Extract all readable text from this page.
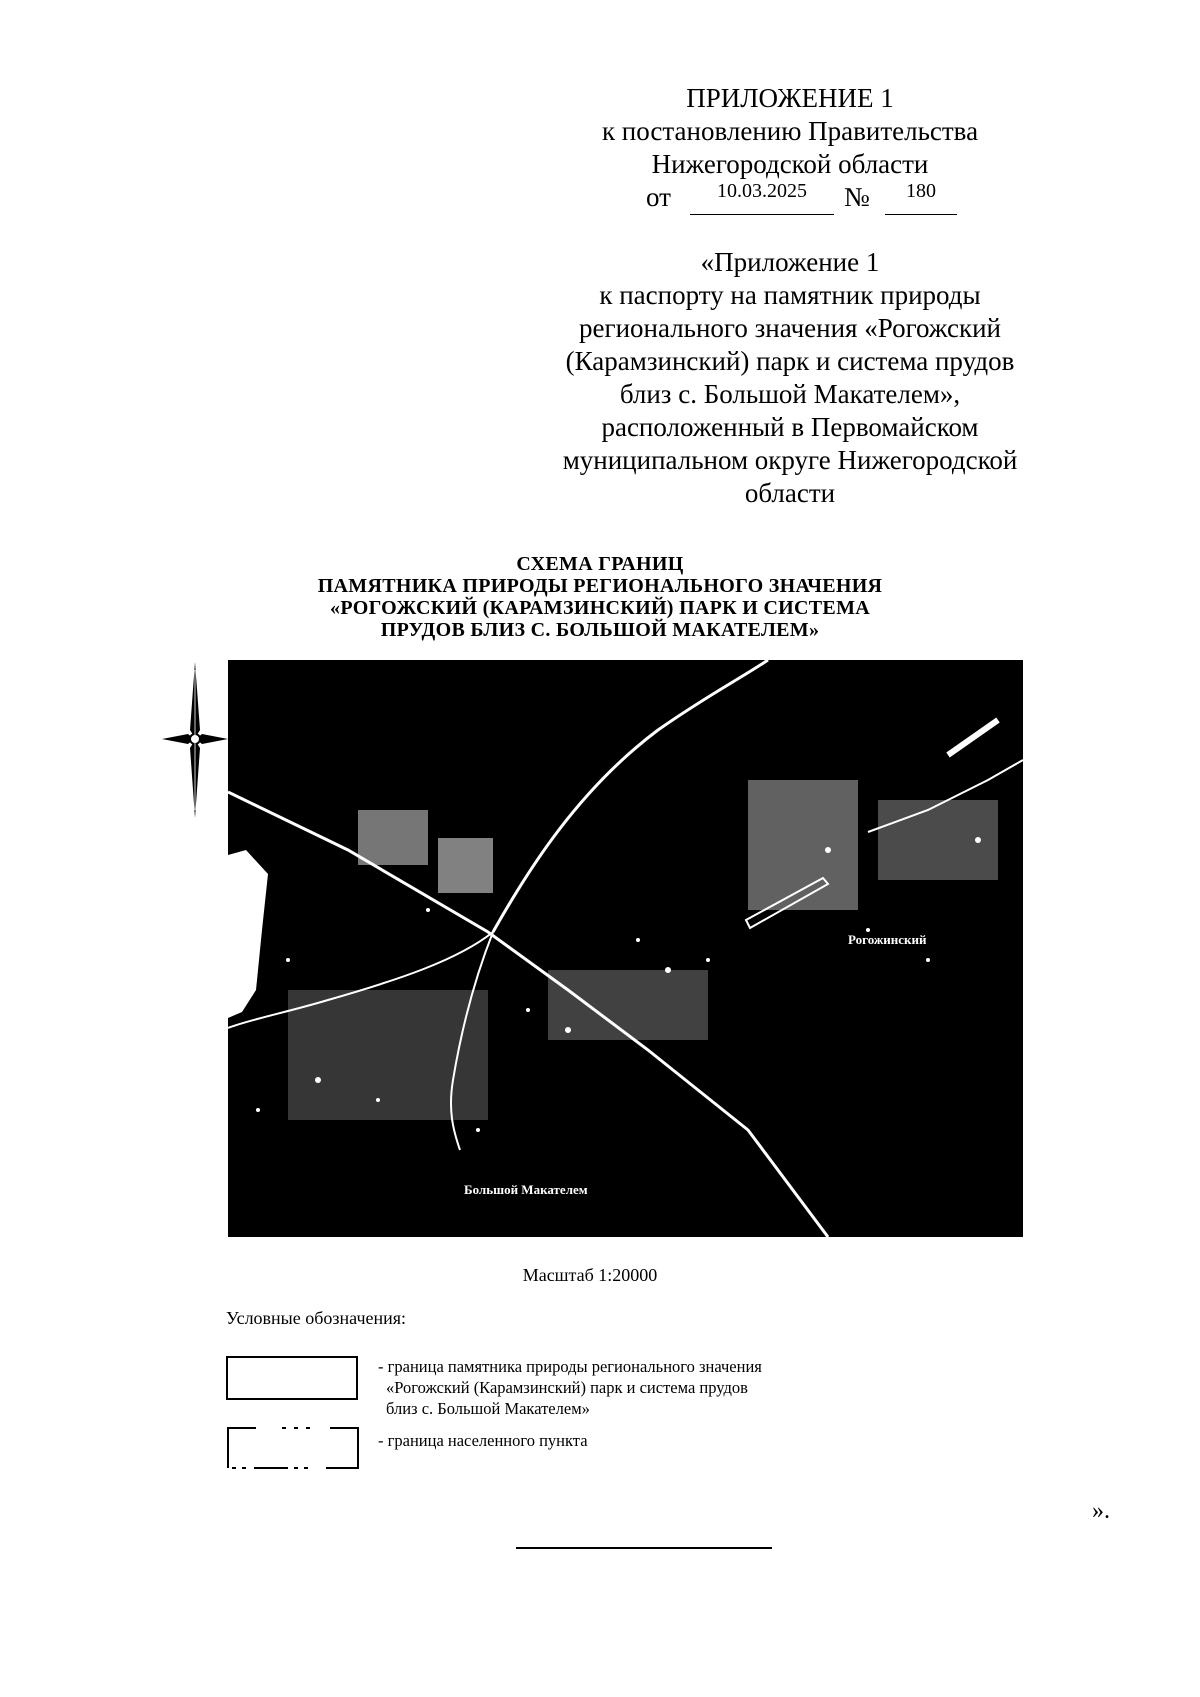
ПРИЛОЖЕНИЕ 1
к постановлению Правительства
Нижегородской области
от	10.03.2025	№	180
«Приложение 1
к паспорту на памятник природы
регионального значения «Рогожский
(Карамзинский) парк и система прудов
близ с. Большой Макателем»,
расположенный в Первомайском
муниципальном округе Нижегородской
области
СХЕМА ГРАНИЦ
ПАМЯТНИКА ПРИРОДЫ РЕГИОНАЛЬНОГО ЗНАЧЕНИЯ
«РОГОЖСКИЙ (КАРАМЗИНСКИЙ) ПАРК И СИСТЕМА
ПРУДОВ БЛИЗ С. БОЛЬШОЙ МАКАТЕЛЕМ»
Рогожинский
Большой Макателем
Масштаб 1:20000
Условные обозначения:
- граница памятника природы регионального значения
«Рогожский (Карамзинский) парк и система прудов
близ с. Большой Макателем»
- граница населенного пункта
».
